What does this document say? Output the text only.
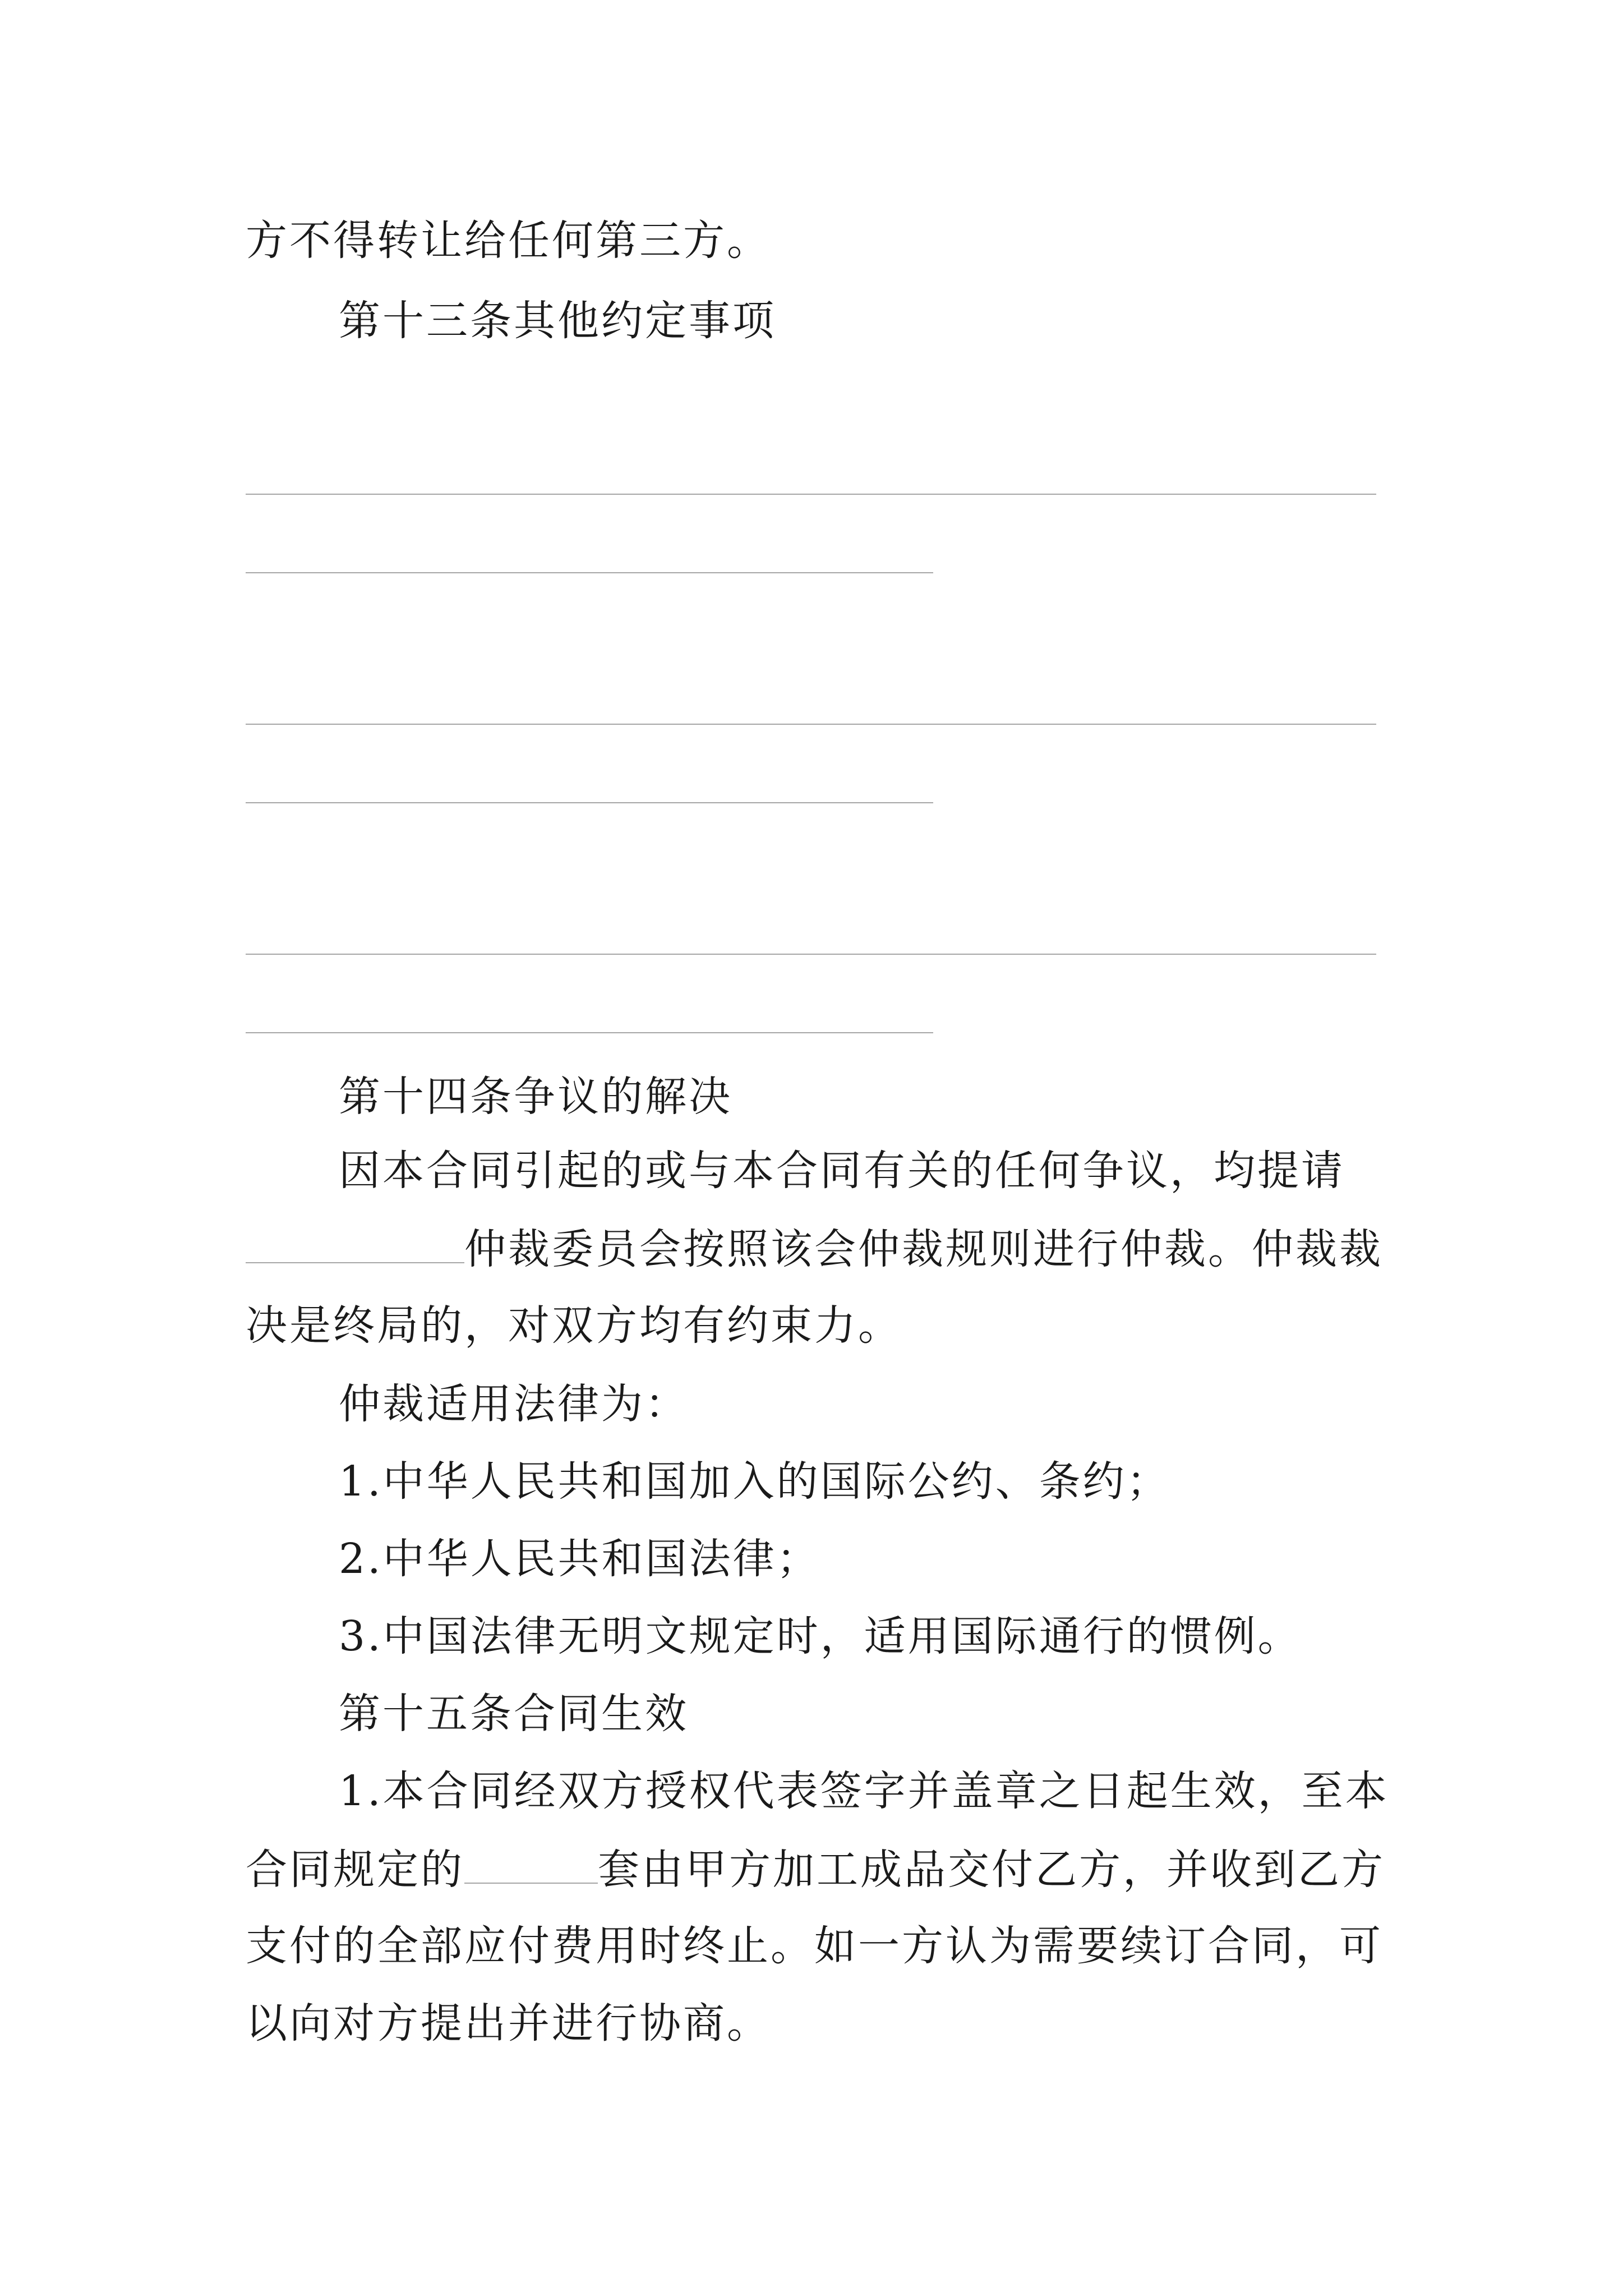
方不得转让给任何第三方。
第十三条其他约定事项
第十四条争议的解决
因本合同引起的或与本合同有关的任何争议，均提请
仲裁委员会按照该会仲裁规则进行仲裁。仲裁裁
决是终局的，对双方均有约束力。
仲裁适用法律为：
1.中华人民共和国加入的国际公约、条约；
2.中华人民共和国法律；
3.中国法律无明文规定时，适用国际通行的惯例。
第十五条合同生效
1.本合同经双方授权代表签字并盖章之日起生效，至本
合同规定的	套由甲方加工成品交付乙方，并收到乙方
支付的全部应付费用时终止。如一方认为需要续订合同，可
以向对方提出并进行协商。
